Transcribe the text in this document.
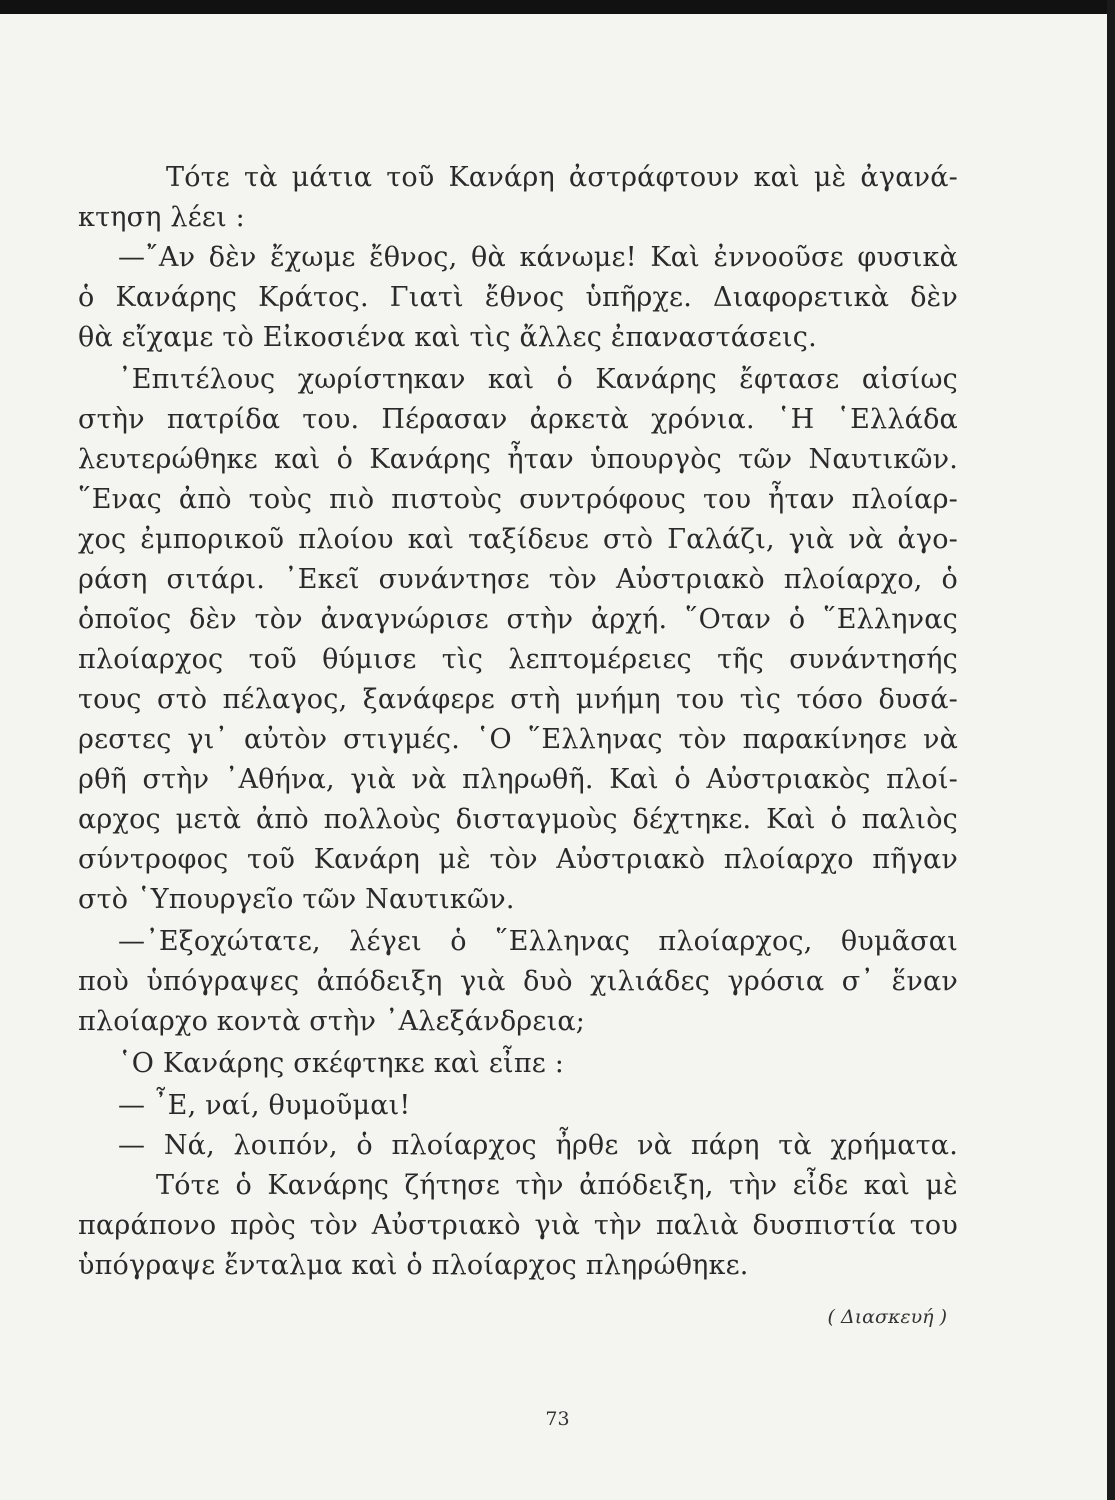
Τότε τὰ μάτια τοῦ Κανάρη ἀστράφτουν καὶ μὲ ἀγανά-
κτηση λέει :
—῎Αν δὲν ἔχωμε ἔθνος, θὰ κάνωμε! Καὶ ἐννοοῦσε φυσικὰ
ὁ Κανάρης Κράτος. Γιατὶ ἔθνος ὑπῆρχε. Διαφορετικὰ δὲν
θὰ εἴχαμε τὸ Εἰκοσιένα καὶ τὶς ἄλλες ἐπαναστάσεις.
᾿Επιτέλους χωρίστηκαν καὶ ὁ Κανάρης ἔφτασε αἰσίως
στὴν πατρίδα του. Πέρασαν ἀρκετὰ χρόνια. ῾Η ῾Ελλάδα
λευτερώθηκε καὶ ὁ Κανάρης ἦταν ὑπουργὸς τῶν Ναυτικῶν.
῞Ενας ἀπὸ τοὺς πιὸ πιστοὺς συντρόφους του ἦταν πλοίαρ-
χος ἐμπορικοῦ πλοίου καὶ ταξίδευε στὸ Γαλάζι, γιὰ νὰ ἀγο-
ράση σιτάρι. ᾿Εκεῖ συνάντησε τὸν Αὐστριακὸ πλοίαρχο, ὁ
ὁποῖος δὲν τὸν ἀναγνώρισε στὴν ἀρχή. ῞Οταν ὁ ῞Ελληνας
πλοίαρχος τοῦ θύμισε τὶς λεπτομέρειες τῆς συνάντησής
τους στὸ πέλαγος, ξανάφερε στὴ μνήμη του τὶς τόσο δυσά-
ρεστες γι᾿ αὐτὸν στιγμές. ῾Ο ῞Ελληνας τὸν παρακίνησε νὰ
ρθῆ στὴν ᾿Αθήνα, γιὰ νὰ πληρωθῆ. Καὶ ὁ Αὐστριακὸς πλοί-
αρχος μετὰ ἀπὸ πολλοὺς δισταγμοὺς δέχτηκε. Καὶ ὁ παλιὸς
σύντροφος τοῦ Κανάρη μὲ τὸν Αὐστριακὸ πλοίαρχο πῆγαν
στὸ ῾Υπουργεῖο τῶν Ναυτικῶν.
—᾿Εξοχώτατε, λέγει ὁ ῞Ελληνας πλοίαρχος, θυμᾶσαι
ποὺ ὑπόγραψες ἀπόδειξη γιὰ δυὸ χιλιάδες γρόσια σ᾿ ἕναν
πλοίαρχο κοντὰ στὴν ᾿Αλεξάνδρεια;
῾Ο Κανάρης σκέφτηκε καὶ εἶπε :
— ῏Ε, ναί, θυμοῦμαι!
— Νά, λοιπόν, ὁ πλοίαρχος ἦρθε νὰ πάρη τὰ χρήματα.
Τότε ὁ Κανάρης ζήτησε τὴν ἀπόδειξη, τὴν εἶδε καὶ μὲ
παράπονο πρὸς τὸν Αὐστριακὸ γιὰ τὴν παλιὰ δυσπιστία του
ὑπόγραψε ἔνταλμα καὶ ὁ πλοίαρχος πληρώθηκε.
( Διασκευή )
73
